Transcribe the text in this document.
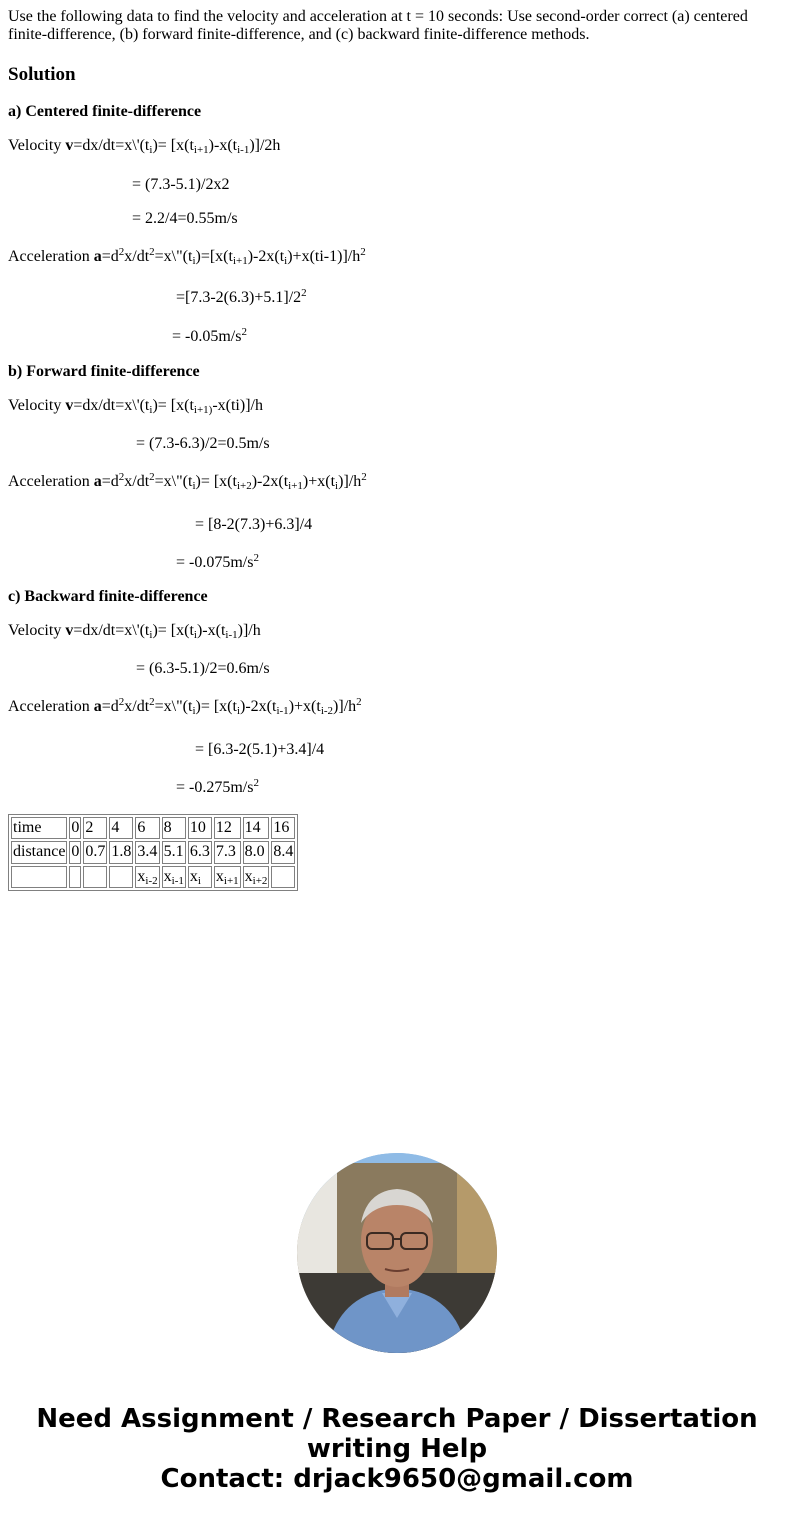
Use the following data to find the velocity and acceleration at t = 10 seconds: Use second-order correct (a) centered finite-difference, (b) forward finite-difference, and (c) backward finite-difference methods.

Solution
a) Centered finite-difference
Velocity $v=dx/dt=x\backslash'(t_i)= [x(t_{i+1})-x(t_{i-1})]/2h$
= (7.3-5.1)/2x2
= 2.2/4=0.55m/s
Acceleration $a=d^2x/dt^2=x\backslash"(t_i)=[x(t_{i+1})-2x(t_i)+x(ti-1)]/h^2$
$=[7.3-2(6.3)+5.1]/2^2$
= $-0.05m/s^2$
b) Forward finite-difference
Velocity $v=dx/dt=x\backslash'(t_i)= [x(t_{i+1)}-x(ti)]/h$
= (7.3-6.3)/2=0.5m/s
Acceleration $a=d^2x/dt^2=x\backslash"(t_i)= [x(t_{i+2})-2x(t_{i+1})+x(t_i)]/h^2$
= [8-2(7.3)+6.3]/4
= $-0.075m/s^2$
c) Backward finite-difference
Velocity $v=dx/dt=x\backslash'(t_i)= [x(t_i)-x(t_{i-1})]/h$
= (6.3-5.1)/2=0.6m/s
Acceleration $a=d^2x/dt^2=x\backslash"(t_i)= [x(t_i)-2x(t_{i-1})+x(t_{i-2})]/h^2$
= [6.3-2(5.1)+3.4]/4
= $-0.275m/s^2$
time	0	2	4	6	8	10	12	14	16
distance	0	0.7	1.8	3.4	5.1	6.3	7.3	8.0	8.4
				$x_{i-2}$	$x_{i-1}$	$x_i$	$x_{i+1}$	$x_{i+2}$	
Need Assignment / Research Paper / Dissertation
writing Help
Contact: drjack9650@gmail.com
